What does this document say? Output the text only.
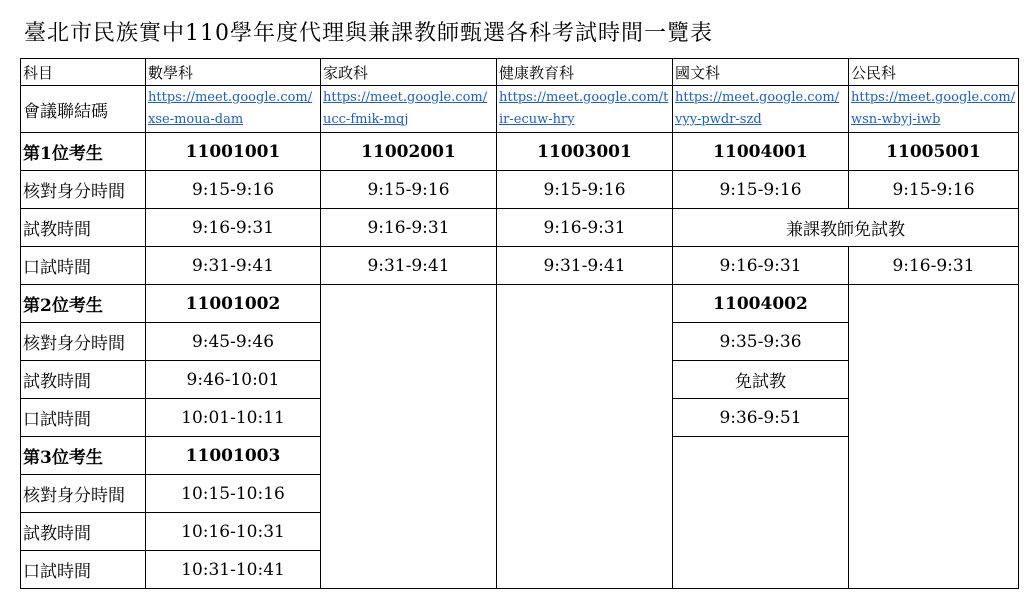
臺北市民族實中110學年度代理與兼課教師甄選各科考試時間一覽表
科目	數學科	家政科	健康教育科	國文科	公民科
會議聯結碼	https://meet.google.com/xse-moua-dam	https://meet.google.com/ucc-fmik-mqj	https://meet.google.com/tir-ecuw-hry	https://meet.google.com/vyy-pwdr-szd	https://meet.google.com/wsn-wbyj-iwb
第1位考生	11001001	11002001	11003001	11004001	11005001
核對身分時間	9:15-9:16	9:15-9:16	9:15-9:16	9:15-9:16	9:15-9:16
試教時間	9:16-9:31	9:16-9:31	9:16-9:31	兼課教師免試教	
口試時間	9:31-9:41	9:31-9:41	9:31-9:41	9:16-9:31	9:16-9:31
第2位考生	11001002			11004002	
核對身分時間	9:45-9:46			9:35-9:36	
試教時間	9:46-10:01			免試教	
口試時間	10:01-10:11			9:36-9:51	
第3位考生	11001003				
核對身分時間	10:15-10:16				
試教時間	10:16-10:31				
口試時間	10:31-10:41				
